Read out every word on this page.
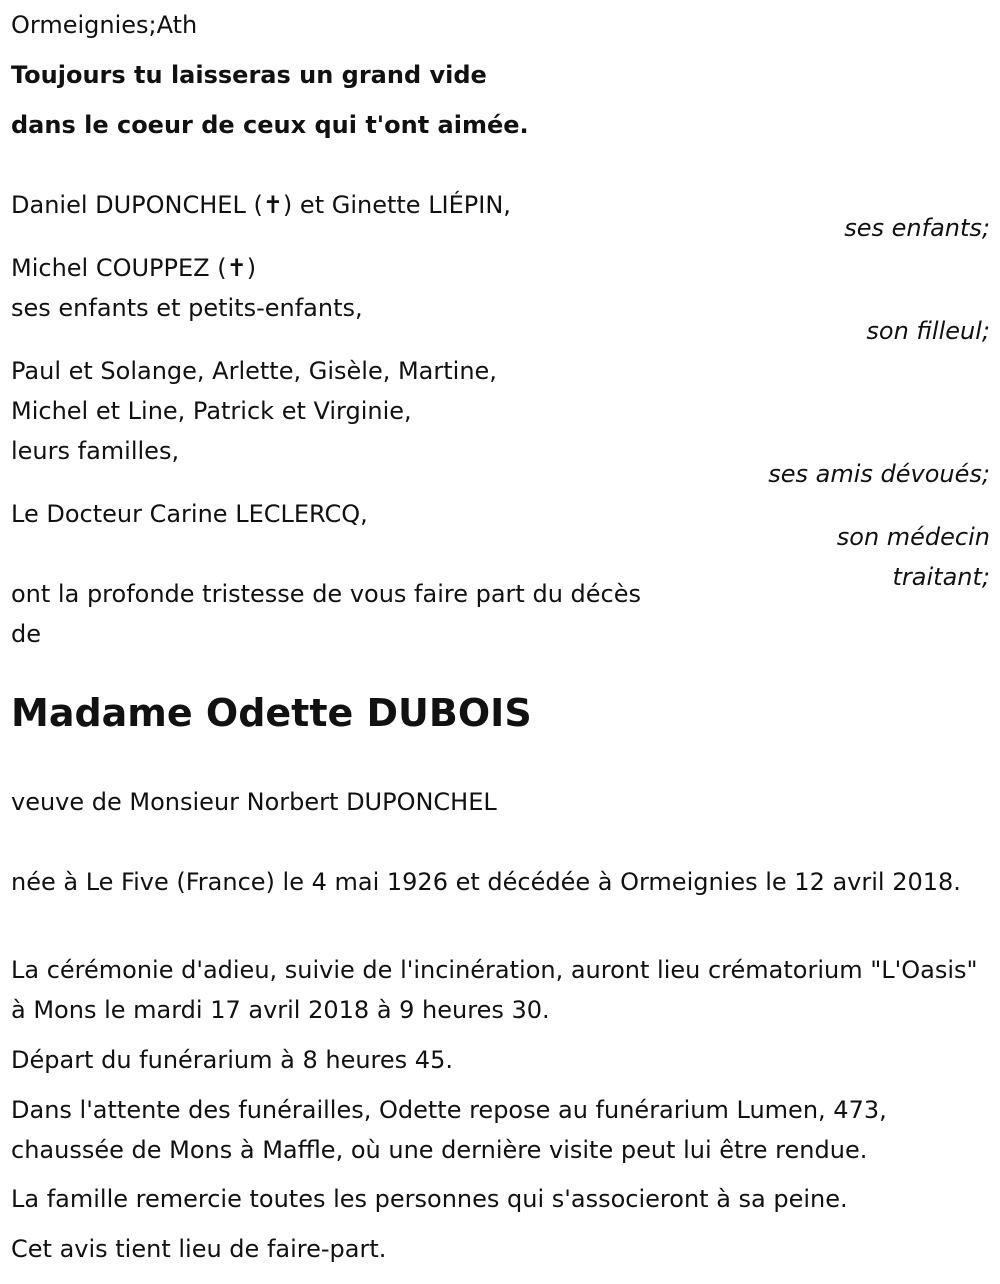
Ormeignies;Ath
Toujours tu laisseras un grand vide
dans le coeur de ceux qui t'ont aimée.
Daniel DUPONCHEL (✝) et Ginette LIÉPIN,
ses enfants;
Michel COUPPEZ (✝)
ses enfants et petits-enfants,
son filleul;
Paul et Solange, Arlette, Gisèle, Martine,
Michel et Line, Patrick et Virginie,
leurs familles,
ses amis dévoués;
Le Docteur Carine LECLERCQ,
son médecin
traitant;
ont la profonde tristesse de vous faire part du décès
de
Madame Odette DUBOIS
veuve de Monsieur Norbert DUPONCHEL
née à Le Five (France) le 4 mai 1926 et décédée à Ormeignies le 12 avril 2018.
La cérémonie d'adieu, suivie de l'incinération, auront lieu crématorium "L'Oasis" à Mons le mardi 17 avril 2018 à 9 heures 30.
Départ du funérarium à 8 heures 45.
Dans l'attente des funérailles, Odette repose au funérarium Lumen, 473, chaussée de Mons à Maffle, où une dernière visite peut lui être rendue.
La famille remercie toutes les personnes qui s'associeront à sa peine.
Cet avis tient lieu de faire-part.
